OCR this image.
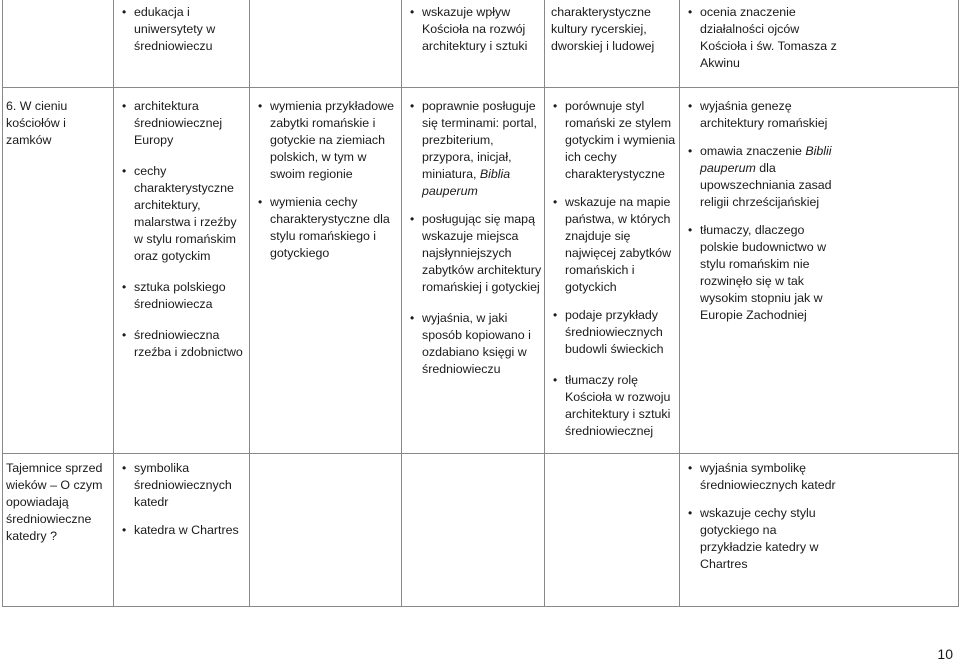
• edukacja i uniwersytety w średniowieczu
• wskazuje wpływ Kościoła na rozwój architektury i sztuki
charakterystyczne kultury rycerskiej, dworskiej i ludowej
• ocenia znaczenie działalności ojców Kościoła i św. Tomasza z Akwinu
6. W cieniu kościołów i zamków
• architektura średniowiecznej Europy
• cechy charakterystyczne architektury, malarstwa i rzeźby w stylu romańskim oraz gotyckim
• sztuka polskiego średniowiecza
• średniowieczna rzeźba i zdobnictwo
• wymienia przykładowe zabytki romańskie i gotyckie na ziemiach polskich, w tym w swoim regionie
• wymienia cechy charakterystyczne dla stylu romańskiego i gotyckiego
• poprawnie posługuje się terminami: portal, prezbiterium, przypora, inicjał, miniatura, Biblia pauperum
• posługując się mapą wskazuje miejsca najsłynniejszych zabytków architektury romańskiej i gotyckiej
• wyjaśnia, w jaki sposób kopiowano i ozdabiano księgi w średniowieczu
• porównuje styl romański ze stylem gotyckim i wymienia ich cechy charakterystyczne
• wskazuje na mapie państwa, w których znajduje się najwięcej zabytków romańskich i gotyckich
• podaje przykłady średniowiecznych budowli świeckich
• tłumaczy rolę Kościoła w rozwoju architektury i sztuki średniowiecznej
• wyjaśnia genezę architektury romańskiej
• omawia znaczenie Biblii pauperum dla upowszechniania zasad religii chrześcijańskiej
• tłumaczy, dlaczego polskie budownictwo w stylu romańskim nie rozwinęło się w tak wysokim stopniu jak w Europie Zachodniej
Tajemnice sprzed wieków – O czym opowiadają średniowieczne katedry ?
• symbolika średniowiecznych katedr
• katedra w Chartres
• wyjaśnia symbolikę średniowiecznych katedr
• wskazuje cechy stylu gotyckiego na przykładzie katedry w Chartres
10
